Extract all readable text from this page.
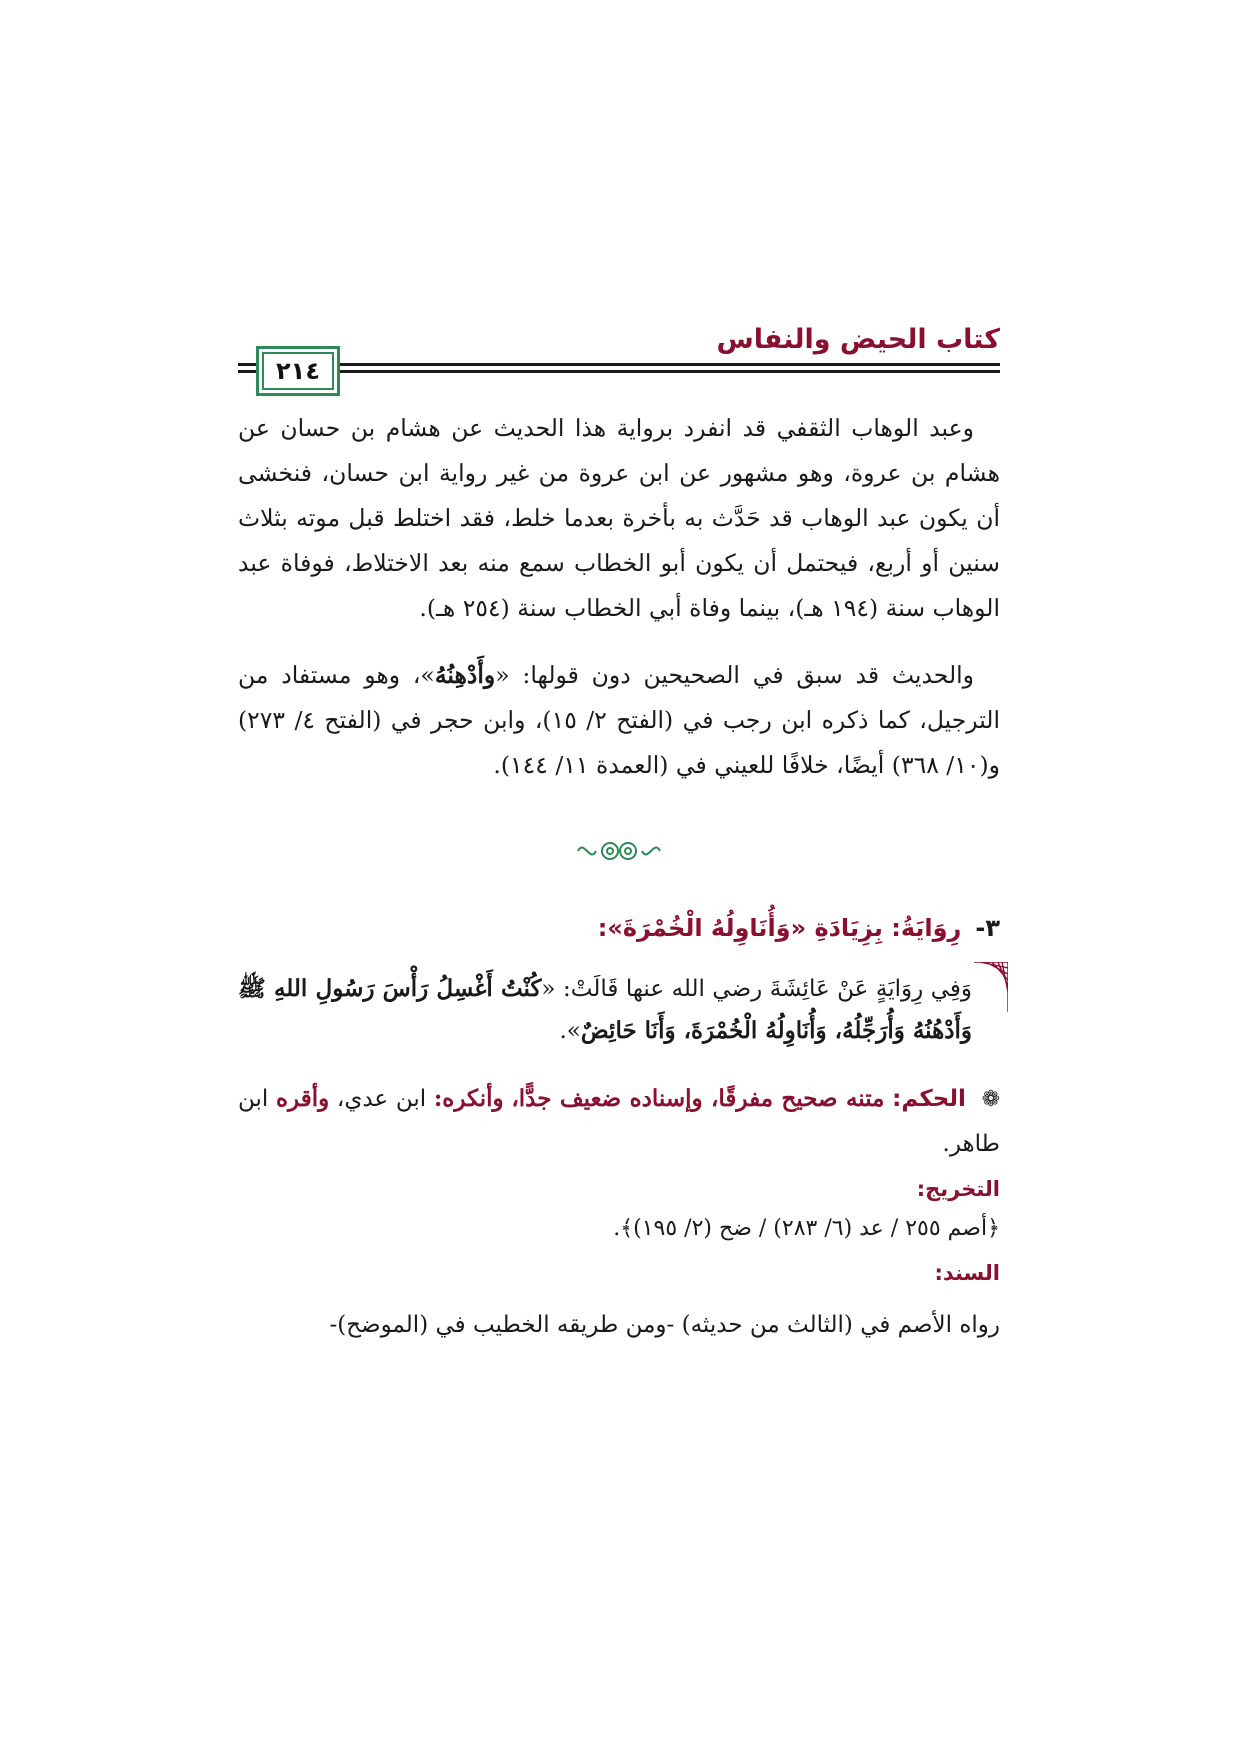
كتاب الحيض والنفاس
٢١٤

وعبد الوهاب الثقفي قد انفرد برواية هذا الحديث عن هشام بن حسان عن هشام بن عروة، وهو مشهور عن ابن عروة من غير رواية ابن حسان، فنخشى أن يكون عبد الوهاب قد حَدَّث به بأخرة بعدما خلط، فقد اختلط قبل موته بثلاث سنين أو أربع، فيحتمل أن يكون أبو الخطاب سمع منه بعد الاختلاط، فوفاة عبد الوهاب سنة (١٩٤ هـ)، بينما وفاة أبي الخطاب سنة (٢٥٤ هـ).

والحديث قد سبق في الصحيحين دون قولها: «وأَدْهِنُهُ»، وهو مستفاد من الترجيل، كما ذكره ابن رجب في (الفتح ٢/ ١٥)، وابن حجر في (الفتح ٤/ ٢٧٣) و(١٠/ ٣٦٨) أيضًا، خلافًا للعيني في (العمدة ١١/ ١٤٤).

٣-رِوَايَةُ: بِزِيَادَةِ «وَأُنَاوِلُهُ الْخُمْرَةَ»:
وَفِي رِوَايَةٍ عَنْ عَائِشَةَ رضي الله عنها قَالَتْ: «كُنْتُ أَغْسِلُ رَأْسَ رَسُولِ اللهِ ﷺ وَأَدْهُنُهُ وَأُرَجِّلُهُ، وَأُنَاوِلُهُ الْخُمْرَةَ، وَأَنَا حَائِضٌ».
❁ الحكم: متنه صحيح مفرقًا، وإسناده ضعيف جدًّا، وأنكره: ابن عدي، وأقره ابن طاهر.
التخريج:
﴿أصم ٢٥٥ / عد (٦/ ٢٨٣) / ضح (٢/ ١٩٥)﴾.
السند:
رواه الأصم في (الثالث من حديثه) -ومن طريقه الخطيب في (الموضح)-
